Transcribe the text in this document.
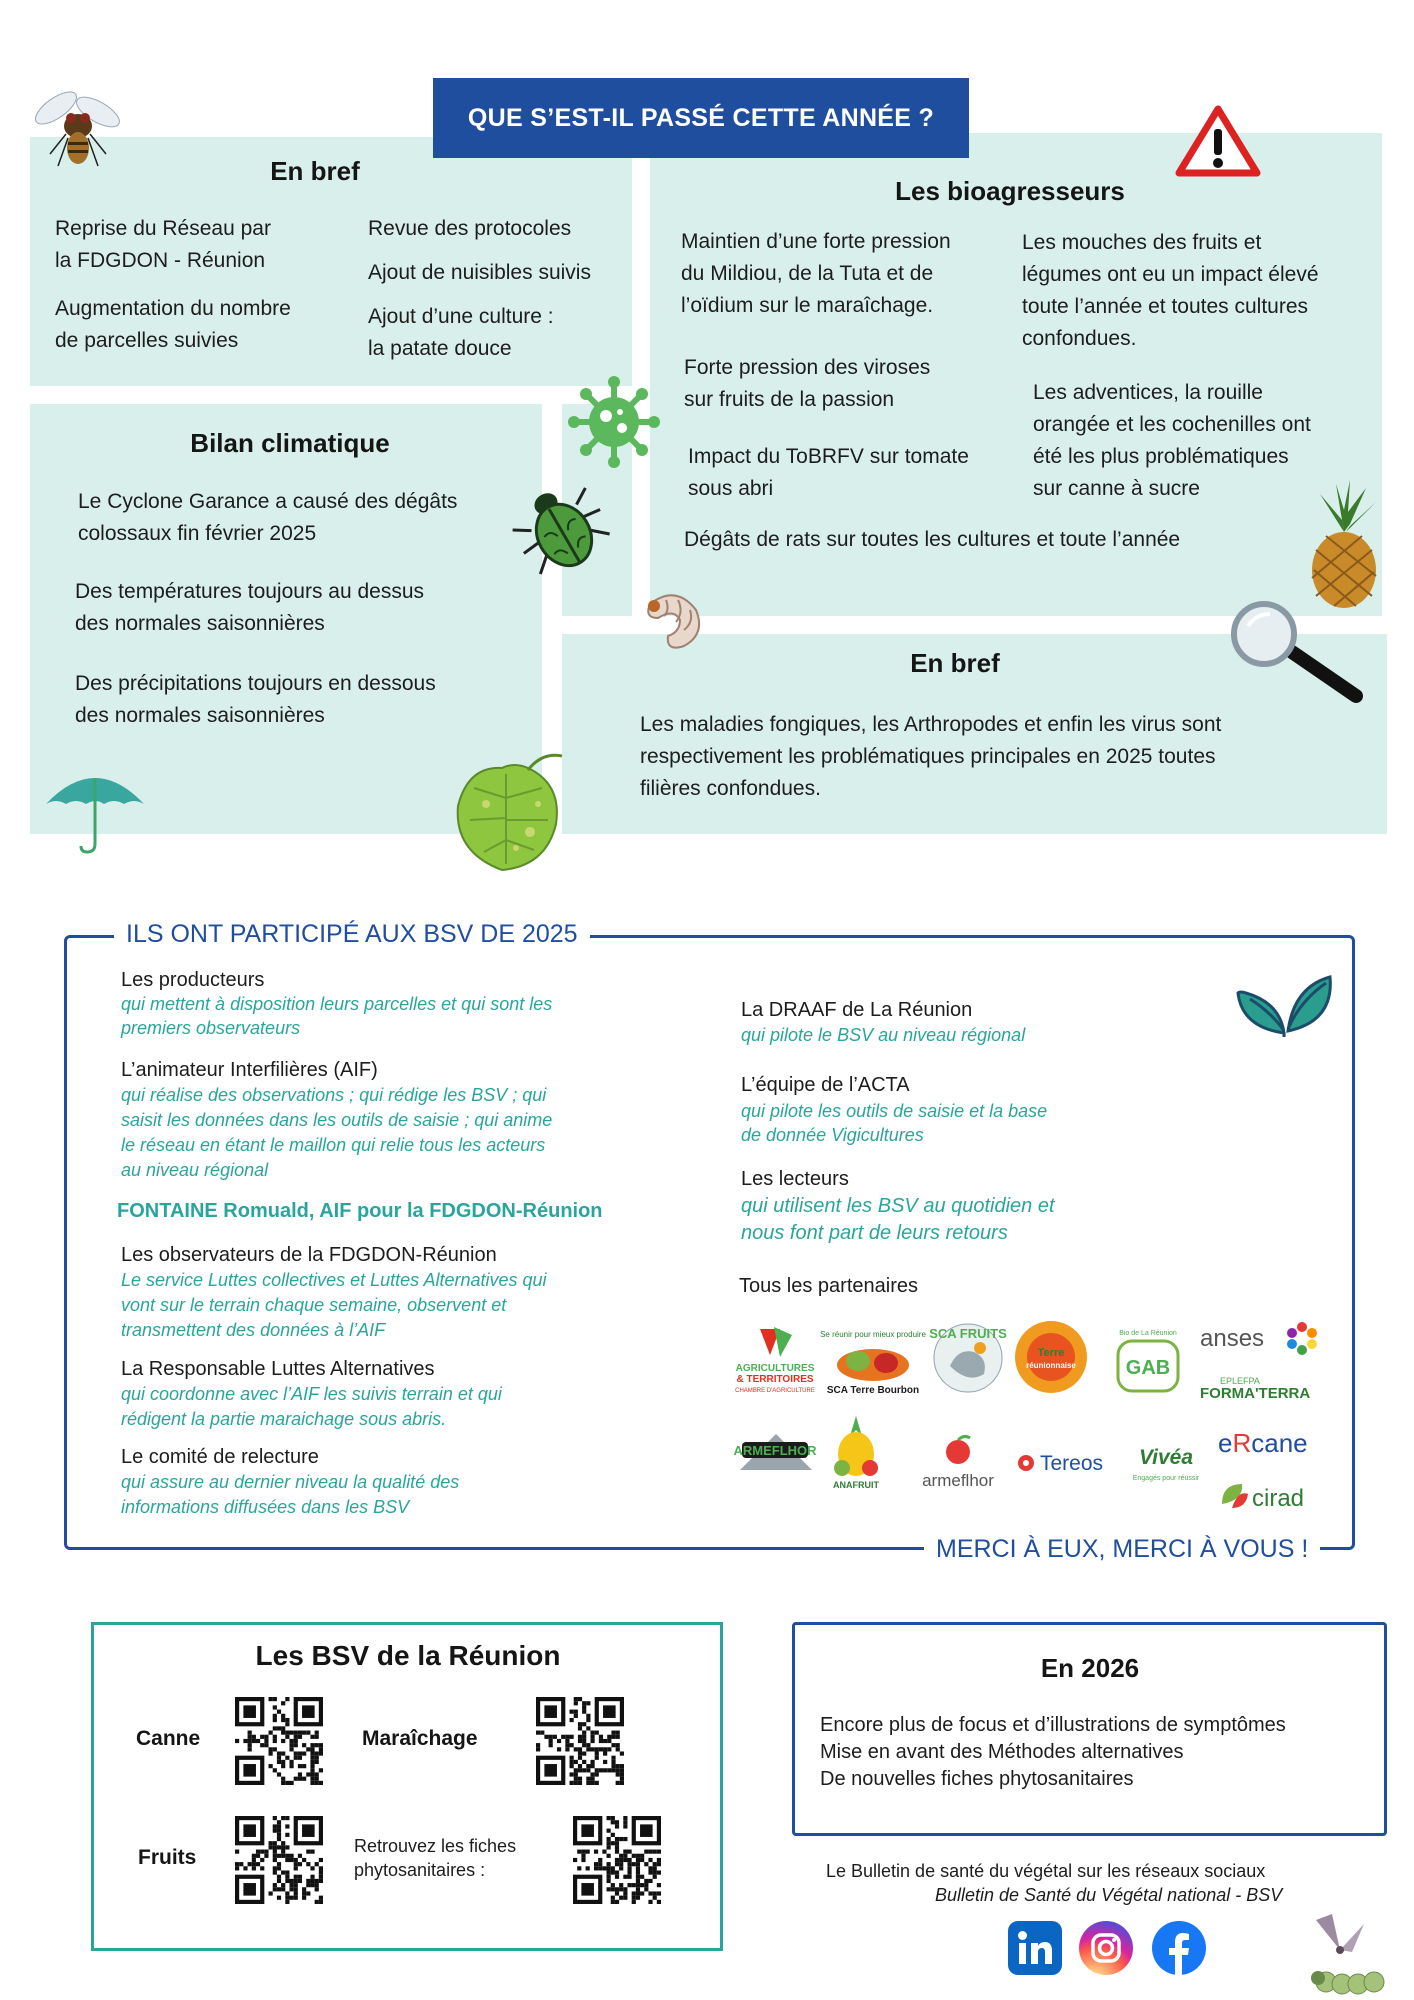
QUE S’EST-IL PASSÉ CETTE ANNÉE ?
En bref
Reprise du Réseau par
la FDGDON - Réunion
Augmentation du nombre
de parcelles suivies
Revue des protocoles
Ajout de nuisibles suivis
Ajout d’une culture :
la patate douce
Les bioagresseurs
Maintien d’une forte pression
du Mildiou, de la Tuta et de
l’oïdium sur le maraîchage.
Les mouches des fruits et
légumes ont eu un impact élevé
toute l’année et toutes cultures
confondues.
Forte pression des viroses
sur fruits de la passion	Les adventices, la rouille
orangée et les cochenilles ont
été les plus problématiques
sur canne à sucre
Impact du ToBRFV sur tomate
sous abri
Dégâts de rats sur toutes les cultures et toute l’année
Bilan climatique
Le Cyclone Garance a causé des dégâts
colossaux fin février 2025
Des températures toujours au dessus
des normales saisonnières
Des précipitations toujours en dessous
des normales saisonnières
En bref
Les maladies fongiques, les Arthropodes et enfin les virus sont
respectivement les problématiques principales en 2025 toutes
filières confondues.
ILS ONT PARTICIPÉ AUX BSV DE 2025
MERCI À EUX, MERCI À VOUS !
Les producteurs
qui mettent à disposition leurs parcelles et qui sont les
premiers observateurs
L’animateur Interfilières (AIF)
qui réalise des observations ; qui rédige les BSV ; qui
saisit les données dans les outils de saisie ; qui anime
le réseau en étant le maillon qui relie tous les acteurs
au niveau régional
FONTAINE Romuald, AIF pour la FDGDON-Réunion
Les observateurs de la FDGDON-Réunion
Le service Luttes collectives et Luttes Alternatives qui
vont sur le terrain chaque semaine, observent et
transmettent des données à l’AIF
La Responsable Luttes Alternatives
qui coordonne avec l’AIF les suivis terrain et qui
rédigent la partie maraichage sous abris.
Le comité de relecture
qui assure au dernier niveau la qualité des
informations diffusées dans les BSV
La DRAAF de La Réunion
qui pilote le BSV au niveau régional
L’équipe de l’ACTA
qui pilote les outils de saisie et la base
de donnée Vigicultures
Les lecteurs
qui utilisent les BSV au quotidien et
nous font part de leurs retours
Tous les partenaires
AGRICULTURES
& TERRITOIRES
CHAMBRE D'AGRICULTURE
Se réunir pour mieux produire
SCA Terre Bourbon
SCA FRUITS
Terre
réunionnaise
Bio de La Réunion
GAB
anses
EPLEFPA
FORMA'TERRA
ARMEFLHOR
ANAFRUIT	armeflhor
Tereos Vivéa
Engagés pour réussir
eRcane
cirad
Les BSV de la Réunion
Canne	Maraîchage
Fruits	Retrouvez les fiches
phytosanitaires :
En 2026
Encore plus de focus et d’illustrations de symptômes
Mise en avant des Méthodes alternatives
De nouvelles fiches phytosanitaires
Le Bulletin de santé du végétal sur les réseaux sociaux
Bulletin de Santé du Végétal national - BSV
